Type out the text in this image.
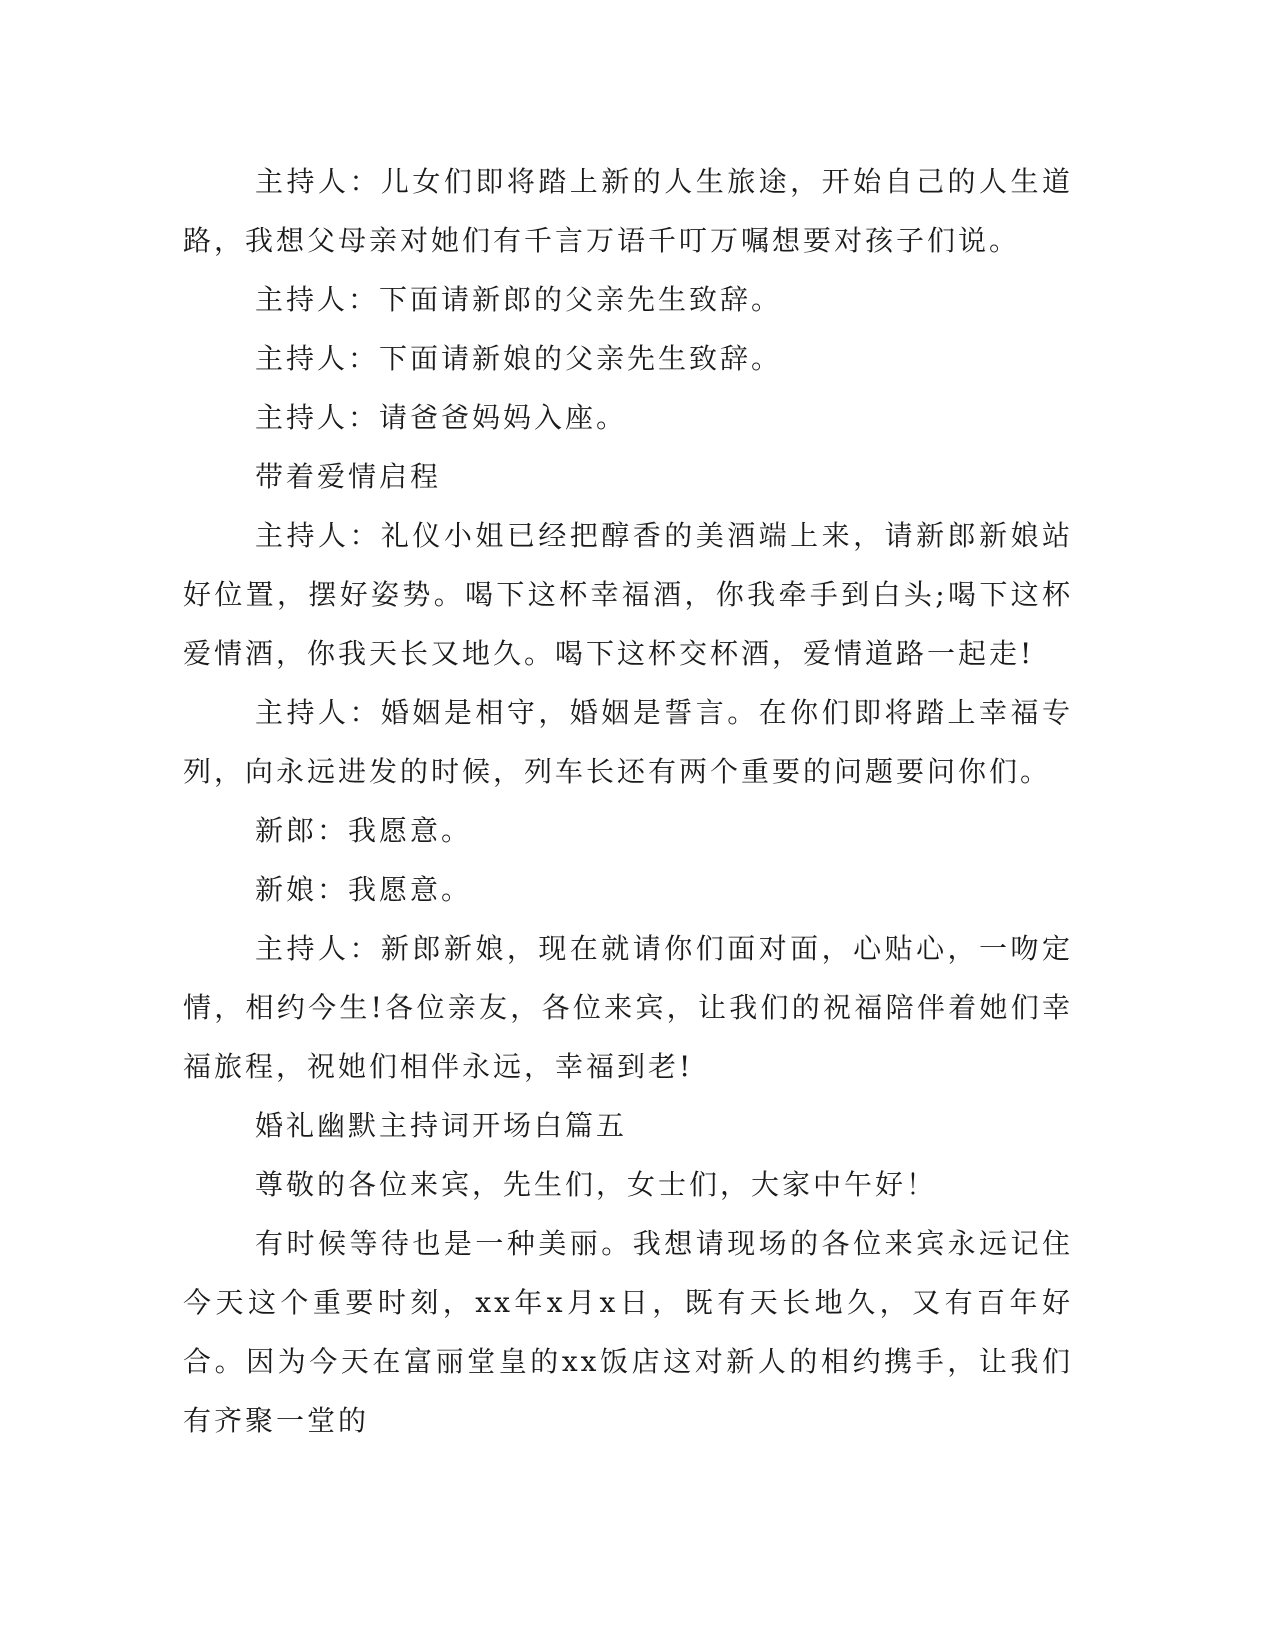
主持人：儿女们即将踏上新的人生旅途，开始自己的人生道路，我想父母亲对她们有千言万语千叮万嘱想要对孩子们说。

主持人：下面请新郎的父亲先生致辞。

主持人：下面请新娘的父亲先生致辞。

主持人：请爸爸妈妈入座。

带着爱情启程

主持人：礼仪小姐已经把醇香的美酒端上来，请新郎新娘站好位置，摆好姿势。喝下这杯幸福酒，你我牵手到白头;喝下这杯爱情酒，你我天长又地久。喝下这杯交杯酒，爱情道路一起走!

主持人：婚姻是相守，婚姻是誓言。在你们即将踏上幸福专列，向永远进发的时候，列车长还有两个重要的问题要问你们。

新郎：我愿意。

新娘：我愿意。

主持人：新郎新娘，现在就请你们面对面，心贴心，一吻定情，相约今生!各位亲友，各位来宾，让我们的祝福陪伴着她们幸福旅程，祝她们相伴永远，幸福到老!

婚礼幽默主持词开场白篇五

尊敬的各位来宾，先生们，女士们，大家中午好！

有时候等待也是一种美丽。我想请现场的各位来宾永远记住今天这个重要时刻，xx年x月x日，既有天长地久，又有百年好合。因为今天在富丽堂皇的xx饭店这对新人的相约携手，让我们有齐聚一堂的
